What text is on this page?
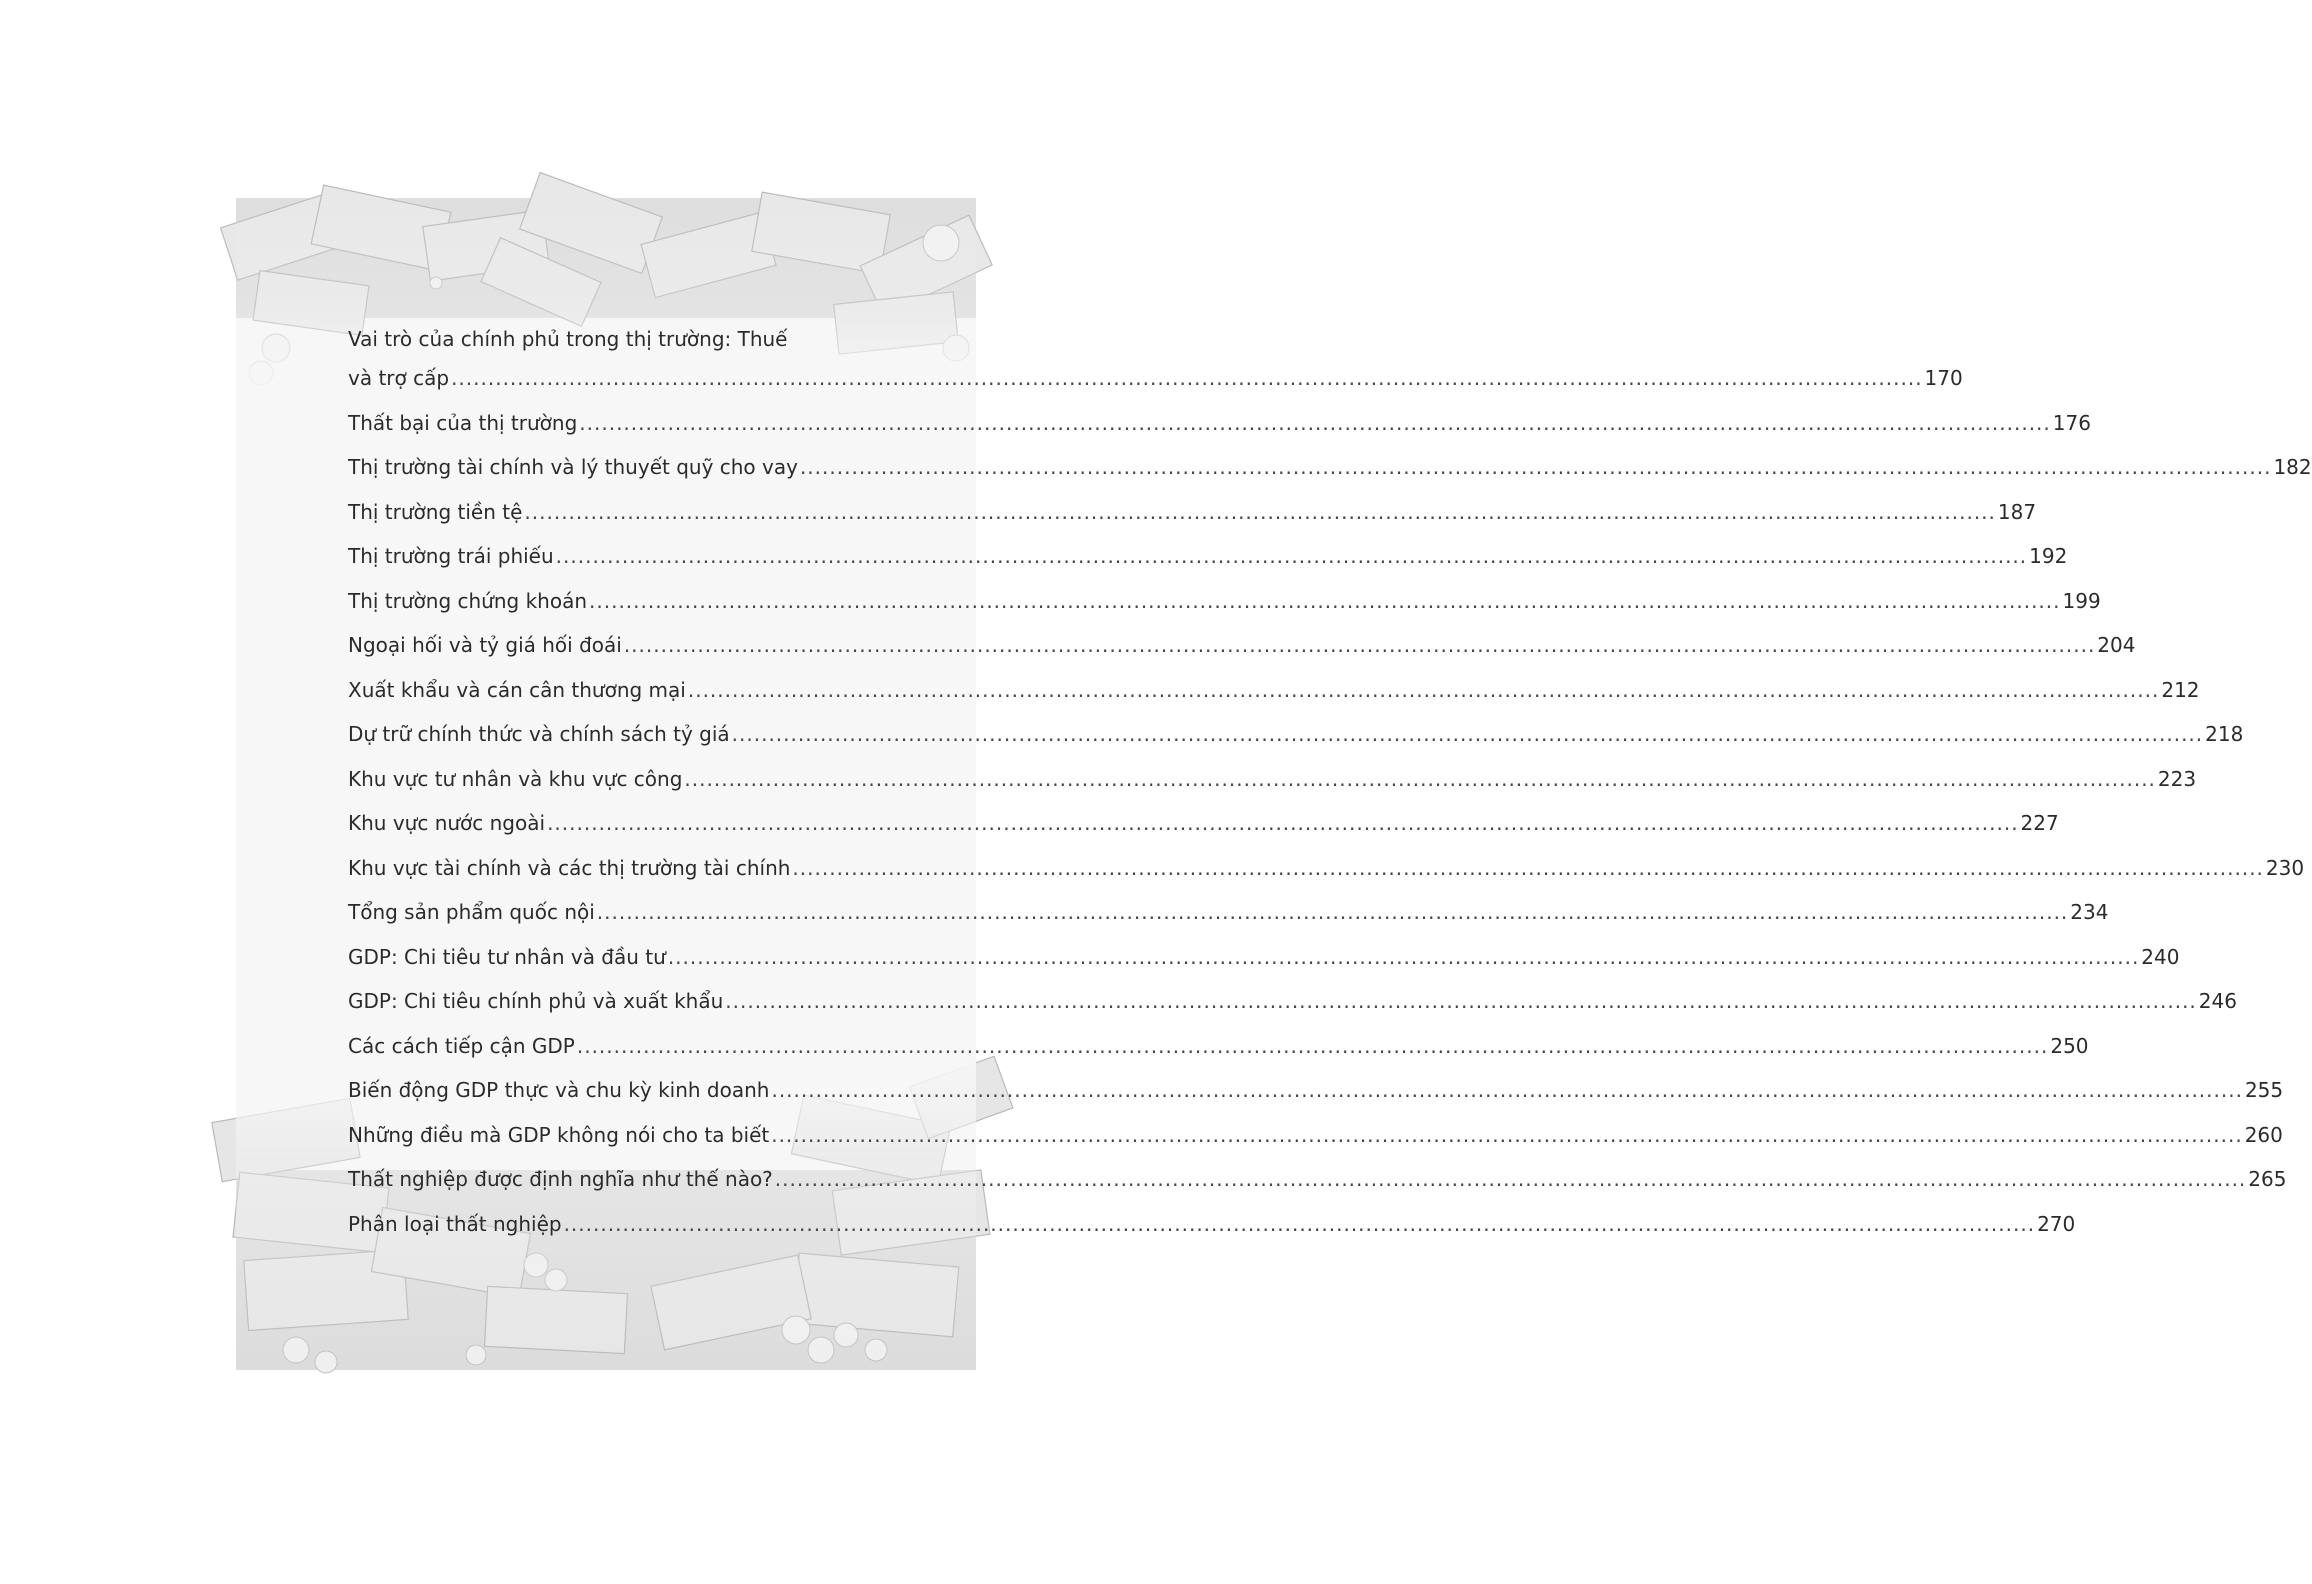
Vai trò của chính phủ trong thị trường: Thuế
và trợ cấp ........................................................................................................................................................................................................ 170
Thất bại của thị trường ........................................................................................................................................................................................................ 176
Thị trường tài chính và lý thuyết quỹ cho vay ........................................................................................................................................................................................................ 182
Thị trường tiền tệ ........................................................................................................................................................................................................ 187
Thị trường trái phiếu ........................................................................................................................................................................................................ 192
Thị trường chứng khoán ........................................................................................................................................................................................................ 199
Ngoại hối và tỷ giá hối đoái ........................................................................................................................................................................................................ 204
Xuất khẩu và cán cân thương mại ........................................................................................................................................................................................................ 212
Dự trữ chính thức và chính sách tỷ giá ........................................................................................................................................................................................................ 218
Khu vực tư nhân và khu vực công ........................................................................................................................................................................................................ 223
Khu vực nước ngoài ........................................................................................................................................................................................................ 227
Khu vực tài chính và các thị trường tài chính ........................................................................................................................................................................................................ 230
Tổng sản phẩm quốc nội ........................................................................................................................................................................................................ 234
GDP: Chi tiêu tư nhân và đầu tư ........................................................................................................................................................................................................ 240
GDP: Chi tiêu chính phủ và xuất khẩu ........................................................................................................................................................................................................ 246
Các cách tiếp cận GDP ........................................................................................................................................................................................................ 250
Biến động GDP thực và chu kỳ kinh doanh ........................................................................................................................................................................................................ 255
Những điều mà GDP không nói cho ta biết ........................................................................................................................................................................................................ 260
Thất nghiệp được định nghĩa như thế nào? ........................................................................................................................................................................................................ 265
Phân loại thất nghiệp ........................................................................................................................................................................................................ 270
